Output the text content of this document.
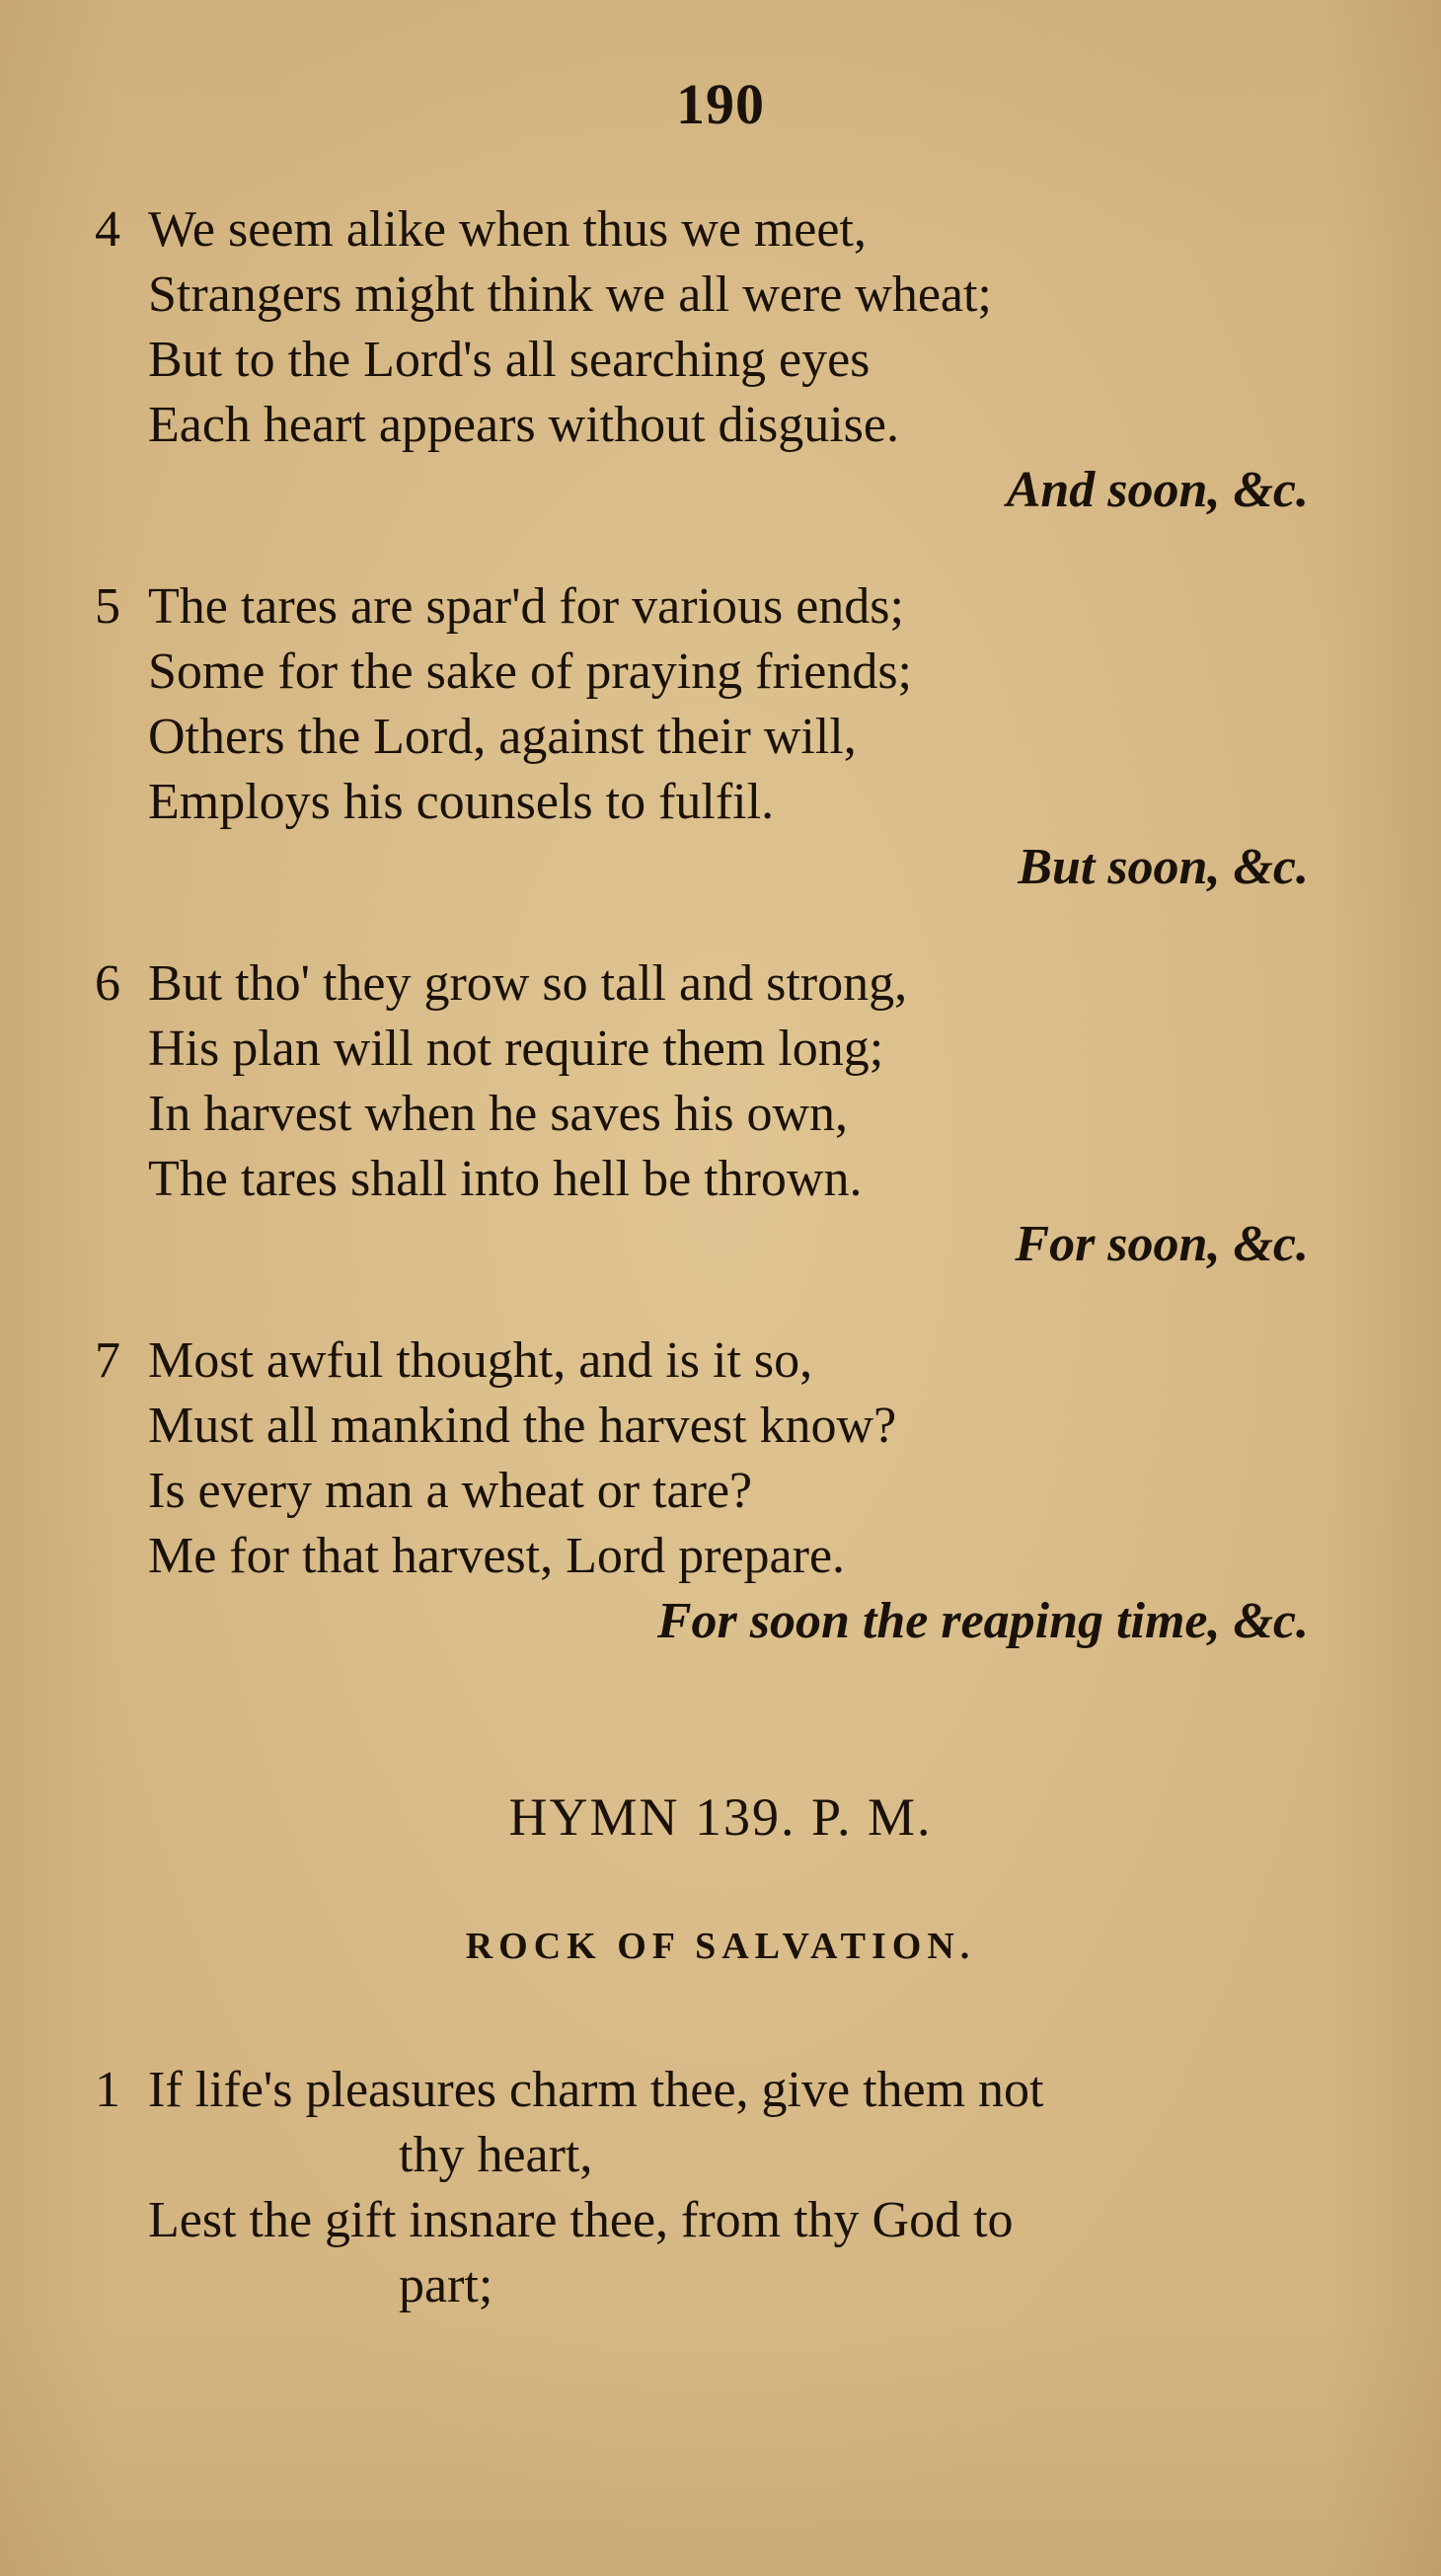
190
4 We seem alike when thus we meet,
Strangers might think we all were wheat;
But to the Lord's all searching eyes
Each heart appears without disguise.
And soon, &c.
5 The tares are spar'd for various ends;
Some for the sake of praying friends;
Others the Lord, against their will,
Employs his counsels to fulfil.
But soon, &c.
6 But tho' they grow so tall and strong,
His plan will not require them long;
In harvest when he saves his own,
The tares shall into hell be thrown.
For soon, &c.
7 Most awful thought, and is it so,
Must all mankind the harvest know?
Is every man a wheat or tare?
Me for that harvest, Lord prepare.
For soon the reaping time, &c.
HYMN 139. P. M.
ROCK OF SALVATION.
1 If life's pleasures charm thee, give them not
thy heart,
Lest the gift insnare thee, from thy God to
part;
